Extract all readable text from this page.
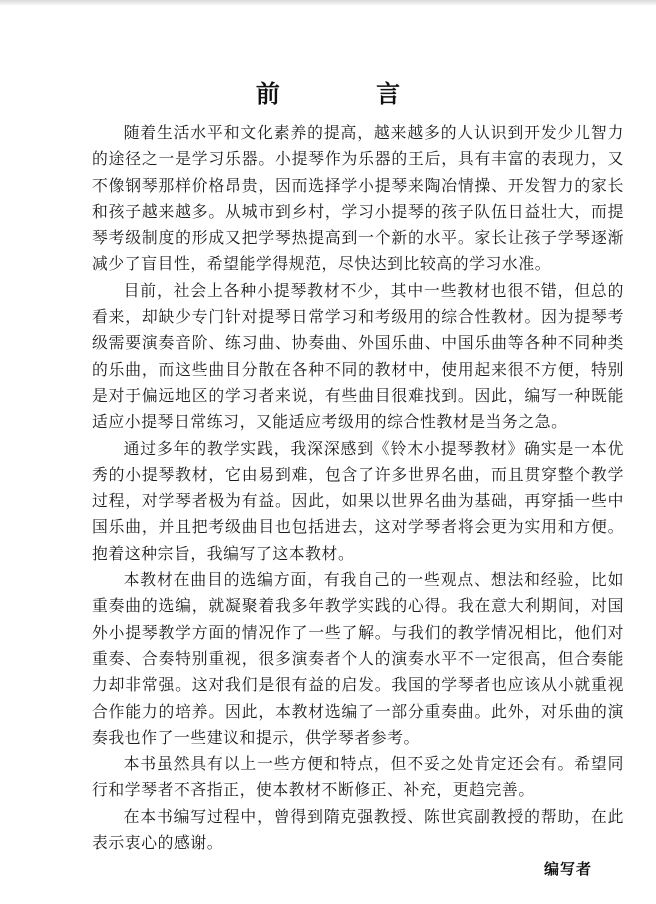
前 言

随着生活水平和文化素养的提高，越来越多的人认识到开发少儿智力的途径之一是学习乐器。小提琴作为乐器的王后，具有丰富的表现力，又不像钢琴那样价格昂贵，因而选择学小提琴来陶冶情操、开发智力的家长和孩子越来越多。从城市到乡村，学习小提琴的孩子队伍日益壮大，而提琴考级制度的形成又把学琴热提高到一个新的水平。家长让孩子学琴逐渐减少了盲目性，希望能学得规范，尽快达到比较高的学习水准。

目前，社会上各种小提琴教材不少，其中一些教材也很不错，但总的看来，却缺少专门针对提琴日常学习和考级用的综合性教材。因为提琴考级需要演奏音阶、练习曲、协奏曲、外国乐曲、中国乐曲等各种不同种类的乐曲，而这些曲目分散在各种不同的教材中，使用起来很不方便，特别是对于偏远地区的学习者来说，有些曲目很难找到。因此，编写一种既能适应小提琴日常练习，又能适应考级用的综合性教材是当务之急。

通过多年的教学实践，我深深感到《铃木小提琴教材》确实是一本优秀的小提琴教材，它由易到难，包含了许多世界名曲，而且贯穿整个教学过程，对学琴者极为有益。因此，如果以世界名曲为基础，再穿插一些中国乐曲，并且把考级曲目也包括进去，这对学琴者将会更为实用和方便。抱着这种宗旨，我编写了这本教材。

本教材在曲目的选编方面，有我自己的一些观点、想法和经验，比如重奏曲的选编，就凝聚着我多年教学实践的心得。我在意大利期间，对国外小提琴教学方面的情况作了一些了解。与我们的教学情况相比，他们对重奏、合奏特别重视，很多演奏者个人的演奏水平不一定很高，但合奏能力却非常强。这对我们是很有益的启发。我国的学琴者也应该从小就重视合作能力的培养。因此，本教材选编了一部分重奏曲。此外，对乐曲的演奏我也作了一些建议和提示，供学琴者参考。

本书虽然具有以上一些方便和特点，但不妥之处肯定还会有。希望同行和学琴者不吝指正，使本教材不断修正、补充，更趋完善。

在本书编写过程中，曾得到隋克强教授、陈世宾副教授的帮助，在此表示衷心的感谢。

编写者
